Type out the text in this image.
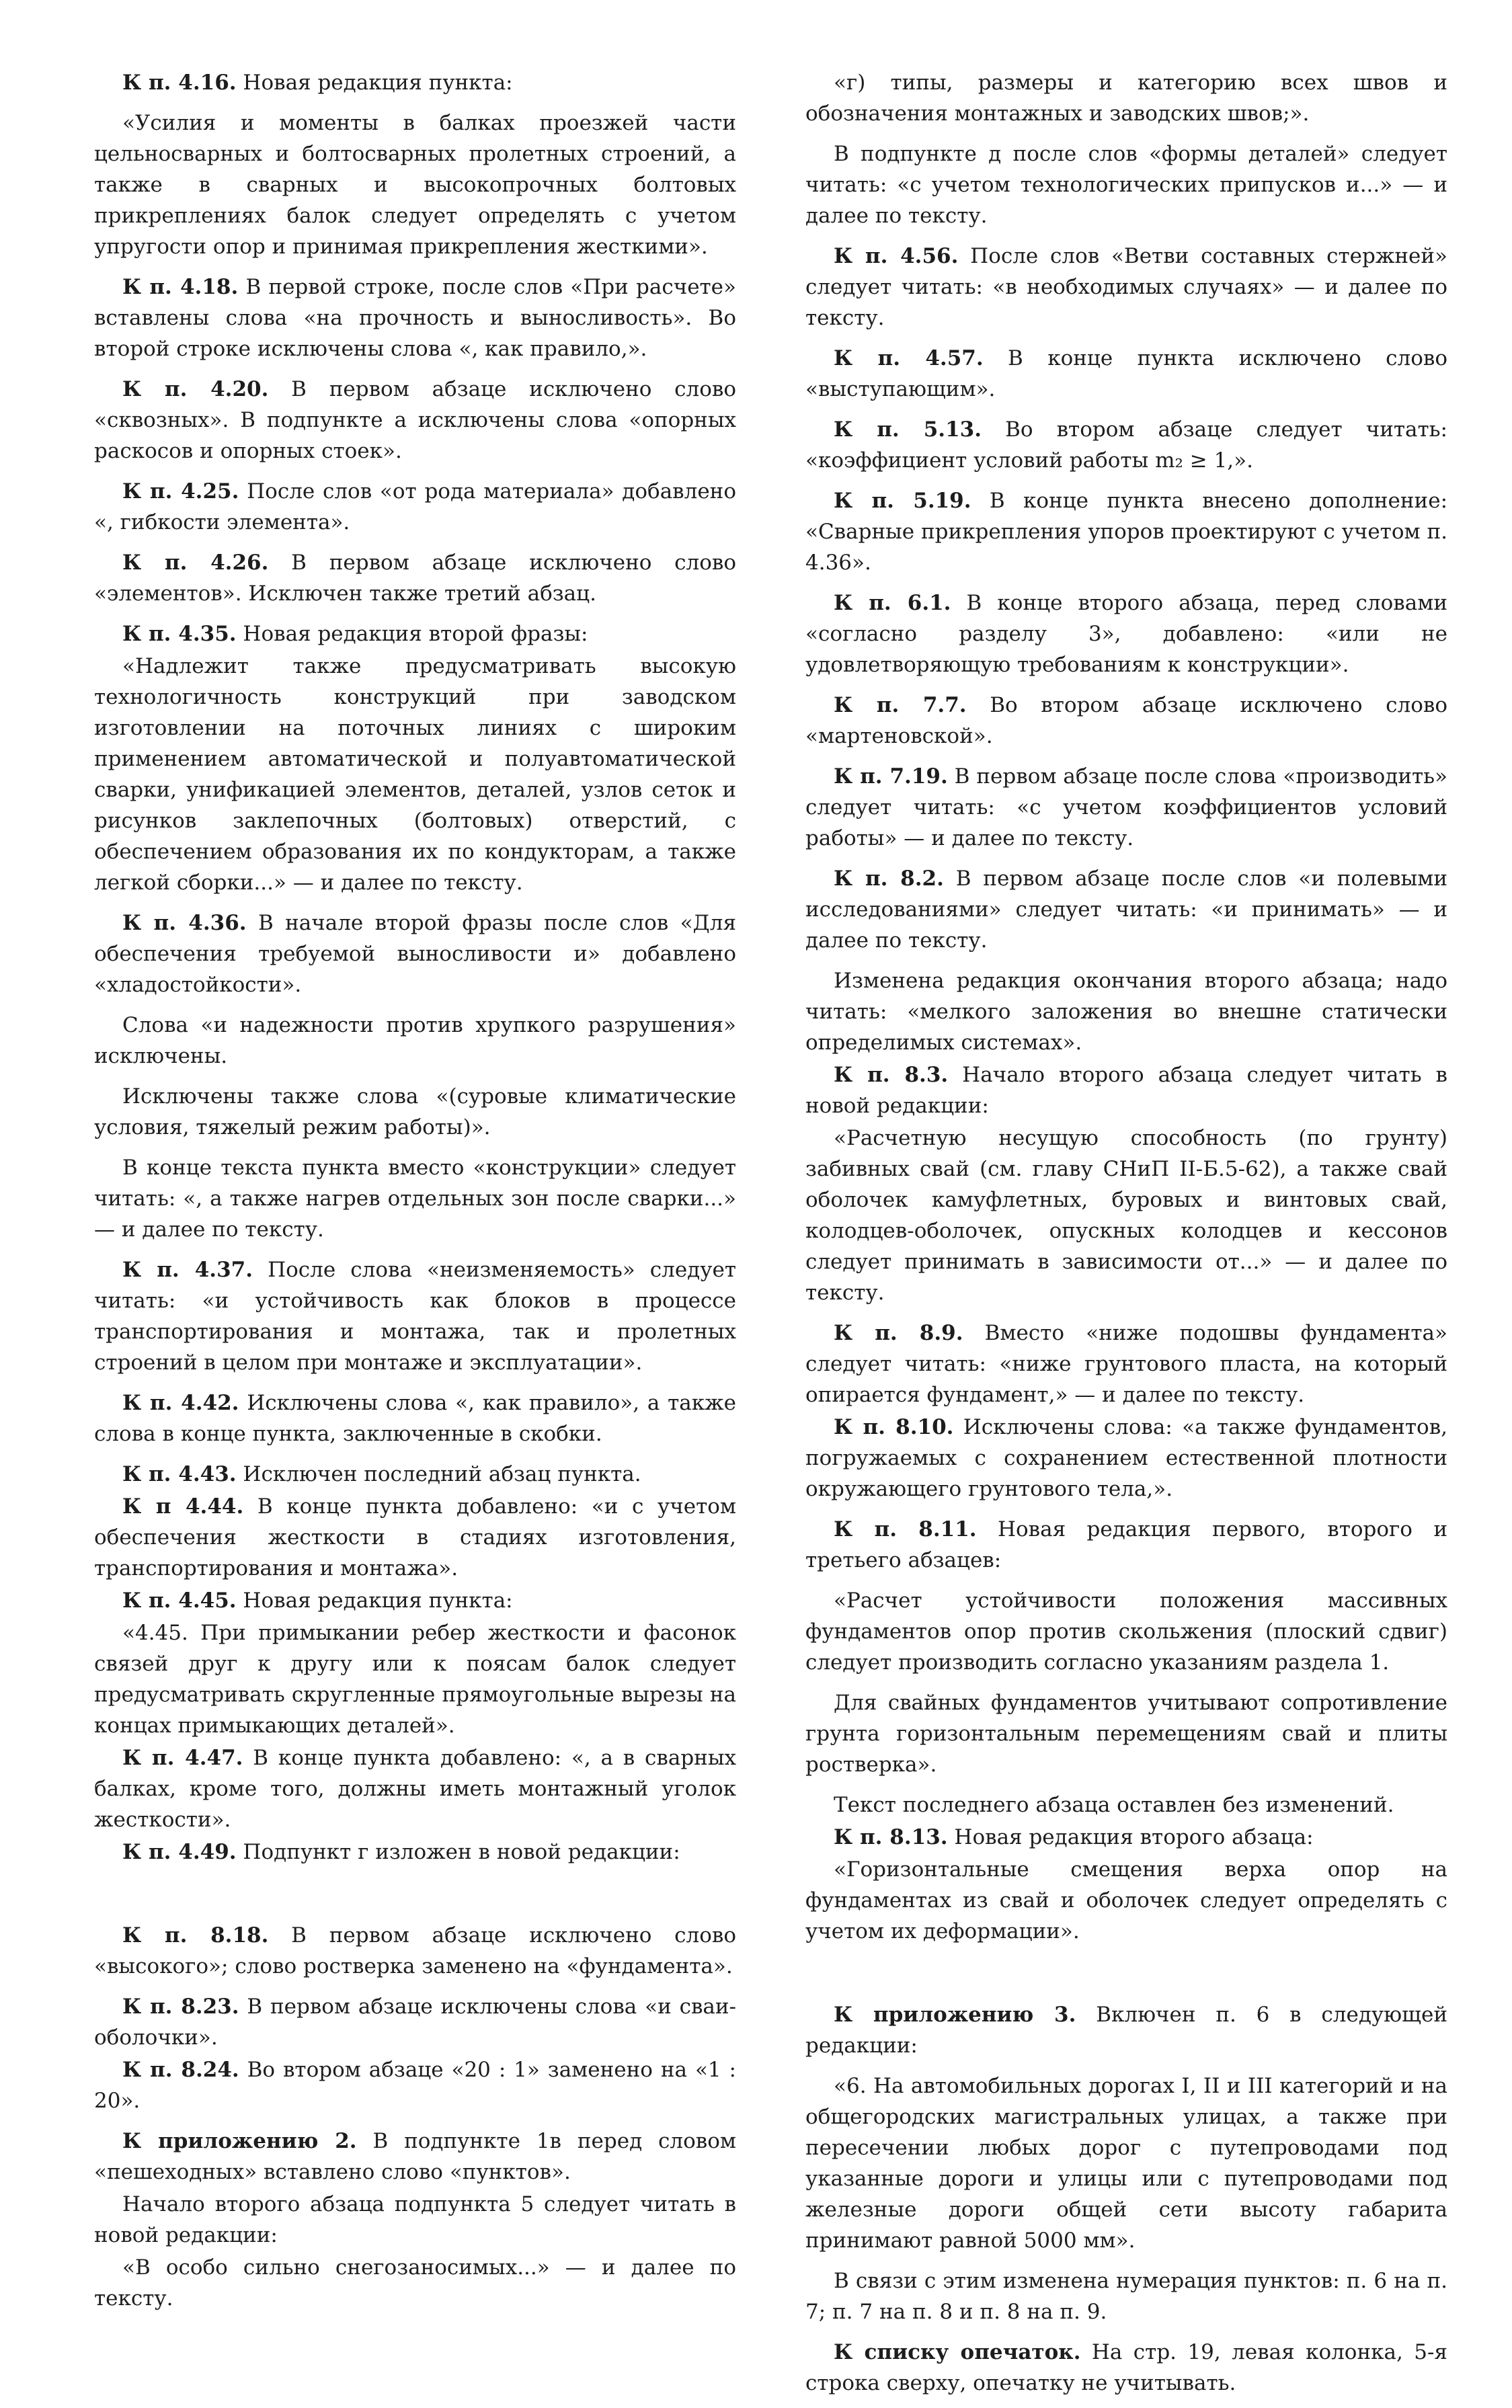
К п. 4.16. Новая редакция пункта:

«Усилия и моменты в балках проезжей части цельносварных и болтосварных пролетных строений, а также в сварных и высокопрочных болтовых прикреплениях балок следует определять с учетом упругости опор и принимая прикрепления жесткими».

К п. 4.18. В первой строке, после слов «При расчете» вставлены слова «на прочность и выносливость». Во второй строке исключены слова «, как правило,».

К п. 4.20. В первом абзаце исключено слово «сквозных». В подпункте а исключены слова «опорных раскосов и опорных стоек».

К п. 4.25. После слов «от рода материала» добавлено «, гибкости элемента».

К п. 4.26. В первом абзаце исключено слово «элементов». Исключен также третий абзац.

К п. 4.35. Новая редакция второй фразы:

«Надлежит также предусматривать высокую технологичность конструкций при заводском изготовлении на поточных линиях с широким применением автоматической и полуавтоматической сварки, унификацией элементов, деталей, узлов сеток и рисунков заклепочных (болтовых) отверстий, с обеспечением образования их по кондукторам, а также легкой сборки...» — и далее по тексту.

К п. 4.36. В начале второй фразы после слов «Для обеспечения требуемой выносливости и» добавлено «хладостойкости».

Слова «и надежности против хрупкого разрушения» исключены.

Исключены также слова «(суровые климатические условия, тяжелый режим работы)».

В конце текста пункта вместо «конструкции» следует читать: «, а также нагрев отдельных зон после сварки...» — и далее по тексту.

К п. 4.37. После слова «неизменяемость» следует читать: «и устойчивость как блоков в процессе транспортирования и монтажа, так и пролетных строений в целом при монтаже и эксплуатации».

К п. 4.42. Исключены слова «, как правило», а также слова в конце пункта, заключенные в скобки.

К п. 4.43. Исключен последний абзац пункта.

К п 4.44. В конце пункта добавлено: «и с учетом обеспечения жесткости в стадиях изготовления, транспортирования и монтажа».

К п. 4.45. Новая редакция пункта:

«4.45. При примыкании ребер жесткости и фасонок связей друг к другу или к поясам балок следует предусматривать скругленные прямоугольные вырезы на концах примыкающих деталей».

К п. 4.47. В конце пункта добавлено: «, а в сварных балках, кроме того, должны иметь монтажный уголок жесткости».

К п. 4.49. Подпункт г изложен в новой редакции:

К п. 8.18. В первом абзаце исключено слово «высокого»; слово ростверка заменено на «фундамента».

К п. 8.23. В первом абзаце исключены слова «и сваи-оболочки».

К п. 8.24. Во втором абзаце «20 : 1» заменено на «1 : 20».

К приложению 2. В подпункте 1в перед словом «пешеходных» вставлено слово «пунктов».

Начало второго абзаца подпункта 5 следует читать в новой редакции:

«В особо сильно снегозаносимых...» — и далее по тексту.

«г) типы, размеры и категорию всех швов и обозначения монтажных и заводских швов;».

В подпункте д после слов «формы деталей» следует читать: «с учетом технологических припусков и...» — и далее по тексту.

К п. 4.56. После слов «Ветви составных стержней» следует читать: «в необходимых случаях» — и далее по тексту.

К п. 4.57. В конце пункта исключено слово «выступающим».

К п. 5.13. Во втором абзаце следует читать: «коэффициент условий работы m₂ ≥ 1,».

К п. 5.19. В конце пункта внесено дополнение: «Сварные прикрепления упоров проектируют с учетом п. 4.36».

К п. 6.1. В конце второго абзаца, перед словами «согласно разделу 3», добавлено: «или не удовлетворяющую требованиям к конструкции».

К п. 7.7. Во втором абзаце исключено слово «мартеновской».

К п. 7.19. В первом абзаце после слова «производить» следует читать: «с учетом коэффициентов условий работы» — и далее по тексту.

К п. 8.2. В первом абзаце после слов «и полевыми исследованиями» следует читать: «и принимать» — и далее по тексту.

Изменена редакция окончания второго абзаца; надо читать: «мелкого заложения во внешне статически определимых системах».

К п. 8.3. Начало второго абзаца следует читать в новой редакции:

«Расчетную несущую способность (по грунту) забивных свай (см. главу СНиП II-Б.5-62), а также свай оболочек камуфлетных, буровых и винтовых свай, колодцев-оболочек, опускных колодцев и кессонов следует принимать в зависимости от...» — и далее по тексту.

К п. 8.9. Вместо «ниже подошвы фундамента» следует читать: «ниже грунтового пласта, на который опирается фундамент,» — и далее по тексту.

К п. 8.10. Исключены слова: «а также фундаментов, погружаемых с сохранением естественной плотности окружающего грунтового тела,».

К п. 8.11. Новая редакция первого, второго и третьего абзацев:

«Расчет устойчивости положения массивных фундаментов опор против скольжения (плоский сдвиг) следует производить согласно указаниям раздела 1.

Для свайных фундаментов учитывают сопротивление грунта горизонтальным перемещениям свай и плиты ростверка».

Текст последнего абзаца оставлен без изменений.

К п. 8.13. Новая редакция второго абзаца:

«Горизонтальные смещения верха опор на фундаментах из свай и оболочек следует определять с учетом их деформации».

К приложению 3. Включен п. 6 в следующей редакции:

«6. На автомобильных дорогах I, II и III категорий и на общегородских магистральных улицах, а также при пересечении любых дорог с путепроводами под указанные дороги и улицы или с путепроводами под железные дороги общей сети высоту габарита принимают равной 5000 мм».

В связи с этим изменена нумерация пунктов: п. 6 на п. 7; п. 7 на п. 8 и п. 8 на п. 9.

К списку опечаток. На стр. 19, левая колонка, 5-я строка сверху, опечатку не учитывать.
